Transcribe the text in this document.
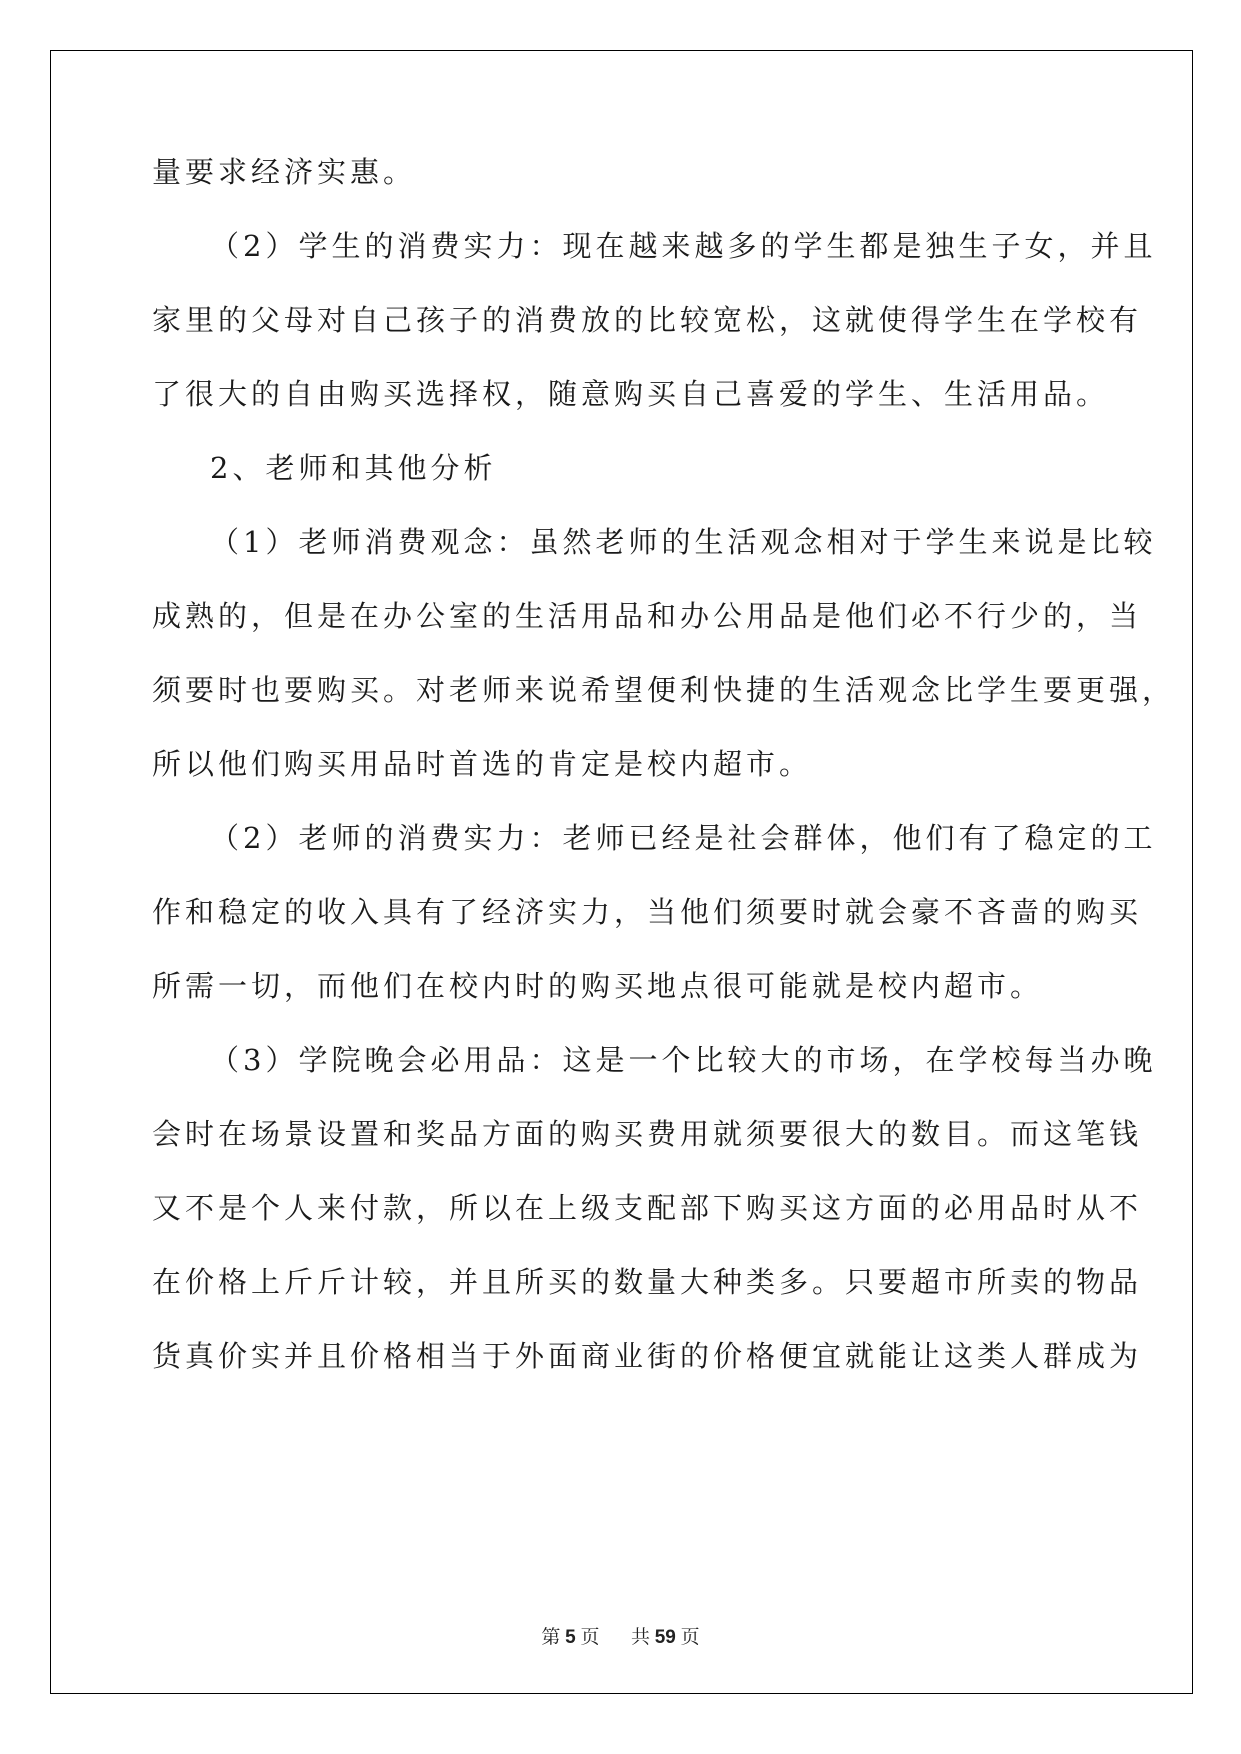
量要求经济实惠。
（2）学生的消费实力：现在越来越多的学生都是独生子女，并且
家里的父母对自己孩子的消费放的比较宽松，这就使得学生在学校有
了很大的自由购买选择权，随意购买自己喜爱的学生、生活用品。
2、老师和其他分析
（1）老师消费观念：虽然老师的生活观念相对于学生来说是比较
成熟的，但是在办公室的生活用品和办公用品是他们必不行少的，当
须要时也要购买。对老师来说希望便利快捷的生活观念比学生要更强，
所以他们购买用品时首选的肯定是校内超市。
（2）老师的消费实力：老师已经是社会群体，他们有了稳定的工
作和稳定的收入具有了经济实力，当他们须要时就会豪不吝啬的购买
所需一切，而他们在校内时的购买地点很可能就是校内超市。
（3）学院晚会必用品：这是一个比较大的市场，在学校每当办晚
会时在场景设置和奖品方面的购买费用就须要很大的数目。而这笔钱
又不是个人来付款，所以在上级支配部下购买这方面的必用品时从不
在价格上斤斤计较，并且所买的数量大种类多。只要超市所卖的物品
货真价实并且价格相当于外面商业街的价格便宜就能让这类人群成为
第 5 页 共 59 页
